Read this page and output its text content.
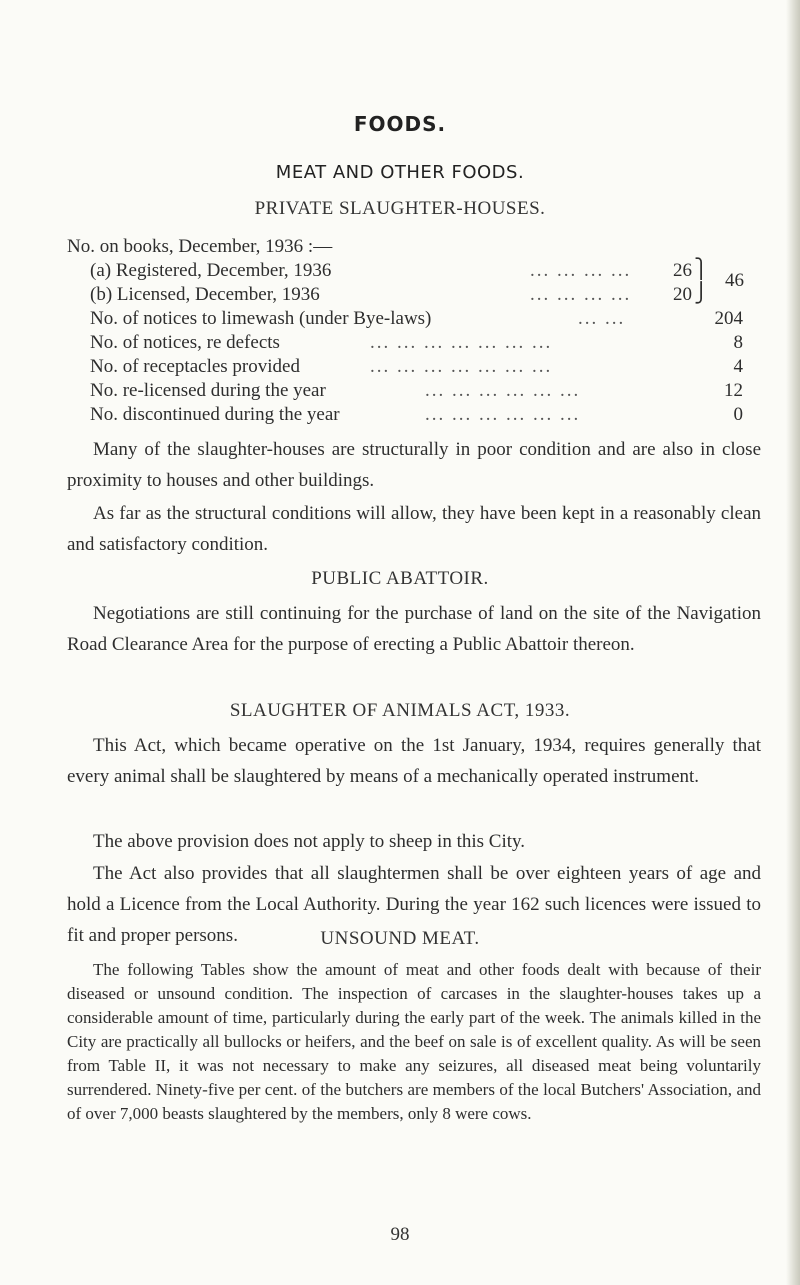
FOODS.
MEAT AND OTHER FOODS.
PRIVATE SLAUGHTER-HOUSES.
No. on books, December, 1936 :—
(a) Registered, December, 1936	... ... ... ...	26
(b) Licensed, December, 1936	... ... ... ...	20
⎫
⎭
46
No. of notices to limewash (under Bye-laws)	... ...	204
No. of notices, re defects	... ... ... ... ... ... ...	8
No. of receptacles provided	... ... ... ... ... ... ...	4
No. re-licensed during the year	... ... ... ... ... ...	12
No. discontinued during the year	... ... ... ... ... ...	0
Many of the slaughter-houses are structurally in poor condition and are also in close proximity to houses and other buildings.
As far as the structural conditions will allow, they have been kept in a reasonably clean and satisfactory condition.
PUBLIC ABATTOIR.
Negotiations are still continuing for the purchase of land on the site of the Navigation Road Clearance Area for the purpose of erecting a Public Abattoir thereon.
SLAUGHTER OF ANIMALS ACT, 1933.
This Act, which became operative on the 1st January, 1934, requires generally that every animal shall be slaughtered by means of a mechanically operated instrument.
The above provision does not apply to sheep in this City.
The Act also provides that all slaughtermen shall be over eighteen years of age and hold a Licence from the Local Authority. During the year 162 such licences were issued to fit and proper persons.	UNSOUND MEAT.
The following Tables show the amount of meat and other foods dealt with because of their diseased or unsound condition. The inspection of carcases in the slaughter-houses takes up a considerable amount of time, particularly during the early part of the week. The animals killed in the City are practically all bullocks or heifers, and the beef on sale is of excellent quality. As will be seen from Table II, it was not necessary to make any seizures, all diseased meat being voluntarily surrendered. Ninety-five per cent. of the butchers are members of the local Butchers' Association, and of over 7,000 beasts slaughtered by the members, only 8 were cows.
98
